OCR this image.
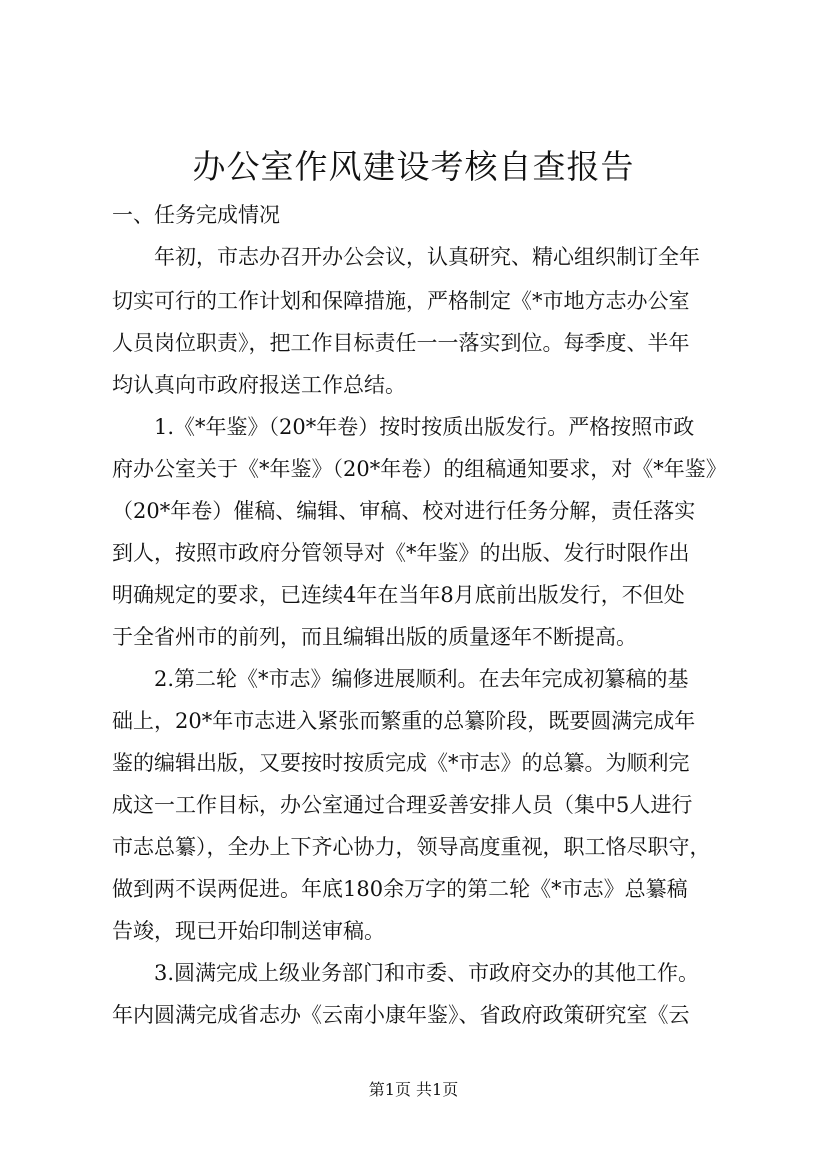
办公室作风建设考核自查报告

一、任务完成情况

　　年初，市志办召开办公会议，认真研究、精心组织制订全年

切实可行的工作计划和保障措施，严格制定《*市地方志办公室

人员岗位职责》，把工作目标责任一一落实到位。每季度、半年

均认真向市政府报送工作总结。

　　1.《*年鉴》（20*年卷）按时按质出版发行。严格按照市政

府办公室关于《*年鉴》（20*年卷）的组稿通知要求，对《*年鉴》

（20*年卷）催稿、编辑、审稿、校对进行任务分解，责任落实

到人，按照市政府分管领导对《*年鉴》的出版、发行时限作出

明确规定的要求，已连续4年在当年8月底前出版发行，不但处

于全省州市的前列，而且编辑出版的质量逐年不断提高。

　　2.第二轮《*市志》编修进展顺利。在去年完成初纂稿的基

础上，20*年市志进入紧张而繁重的总纂阶段，既要圆满完成年

鉴的编辑出版，又要按时按质完成《*市志》的总纂。为顺利完

成这一工作目标，办公室通过合理妥善安排人员（集中5人进行

市志总纂），全办上下齐心协力，领导高度重视，职工恪尽职守，

做到两不误两促进。年底180余万字的第二轮《*市志》总纂稿

告竣，现已开始印制送审稿。

　　3.圆满完成上级业务部门和市委、市政府交办的其他工作。

年内圆满完成省志办《云南小康年鉴》、省政府政策研究室《云

第1页 共1页
